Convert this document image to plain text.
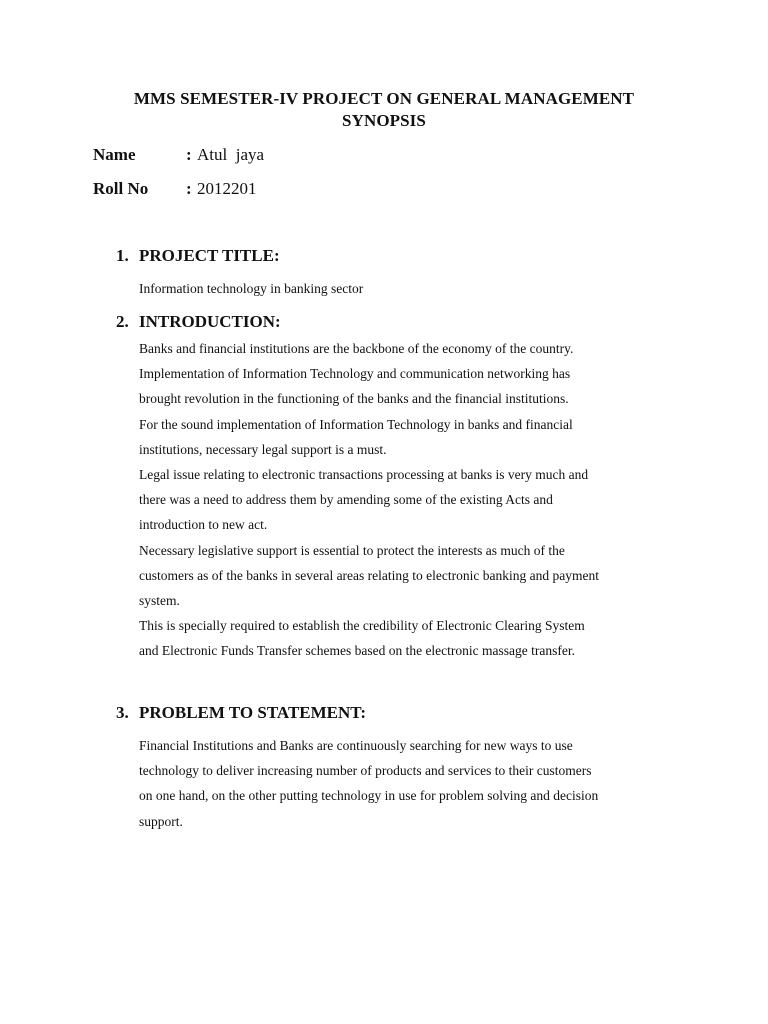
MMS SEMESTER-IV PROJECT ON GENERAL MANAGEMENT
SYNOPSIS
Name	: Atul  jaya
Roll No : 2012201
1. PROJECT TITLE:

Information technology in banking sector

2. INTRODUCTION:

Banks and financial institutions are the backbone of the economy of the country.

Implementation of Information Technology and communication networking has

brought revolution in the functioning of the banks and the financial institutions.

For the sound implementation of Information Technology in banks and financial

institutions, necessary legal support is a must.

Legal issue relating to electronic transactions processing at banks is very much and

there was a need to address them by amending some of the existing Acts and

introduction to new act.

Necessary legislative support is essential to protect the interests as much of the

customers as of the banks in several areas relating to electronic banking and payment

system.

This is specially required to establish the credibility of Electronic Clearing System

and Electronic Funds Transfer schemes based on the electronic massage transfer.

3. PROBLEM TO STATEMENT:

Financial Institutions and Banks are continuously searching for new ways to use

technology to deliver increasing number of products and services to their customers

on one hand, on the other putting technology in use for problem solving and decision

support.
